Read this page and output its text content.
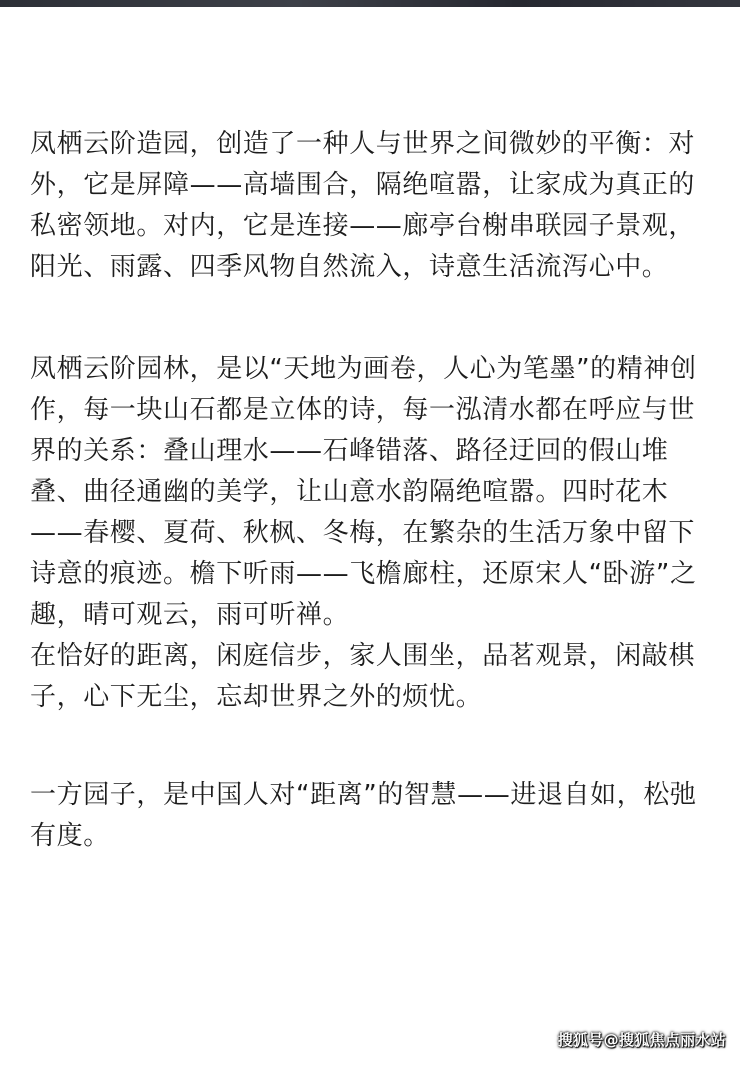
凤栖云阶造园，创造了一种人与世界之间微妙的平衡：对外，它是屏障——高墙围合，隔绝喧嚣，让家成为真正的私密领地。对内，它是连接——廊亭台榭串联园子景观，阳光、雨露、四季风物自然流入，诗意生活流泻心中。

凤栖云阶园林，是以“天地为画卷，人心为笔墨”的精神创作，每一块山石都是立体的诗，每一泓清水都在呼应与世界的关系：叠山理水——石峰错落、路径迂回的假山堆叠、曲径通幽的美学，让山意水韵隔绝喧嚣。四时花木——春樱、夏荷、秋枫、冬梅，在繁杂的生活万象中留下诗意的痕迹。檐下听雨——飞檐廊柱，还原宋人“卧游”之趣，晴可观云，雨可听禅。

在恰好的距离，闲庭信步，家人围坐，品茗观景，闲敲棋子，心下无尘，忘却世界之外的烦忧。

一方园子，是中国人对“距离”的智慧——进退自如，松弛有度。

搜狐号@搜狐焦点丽水站
